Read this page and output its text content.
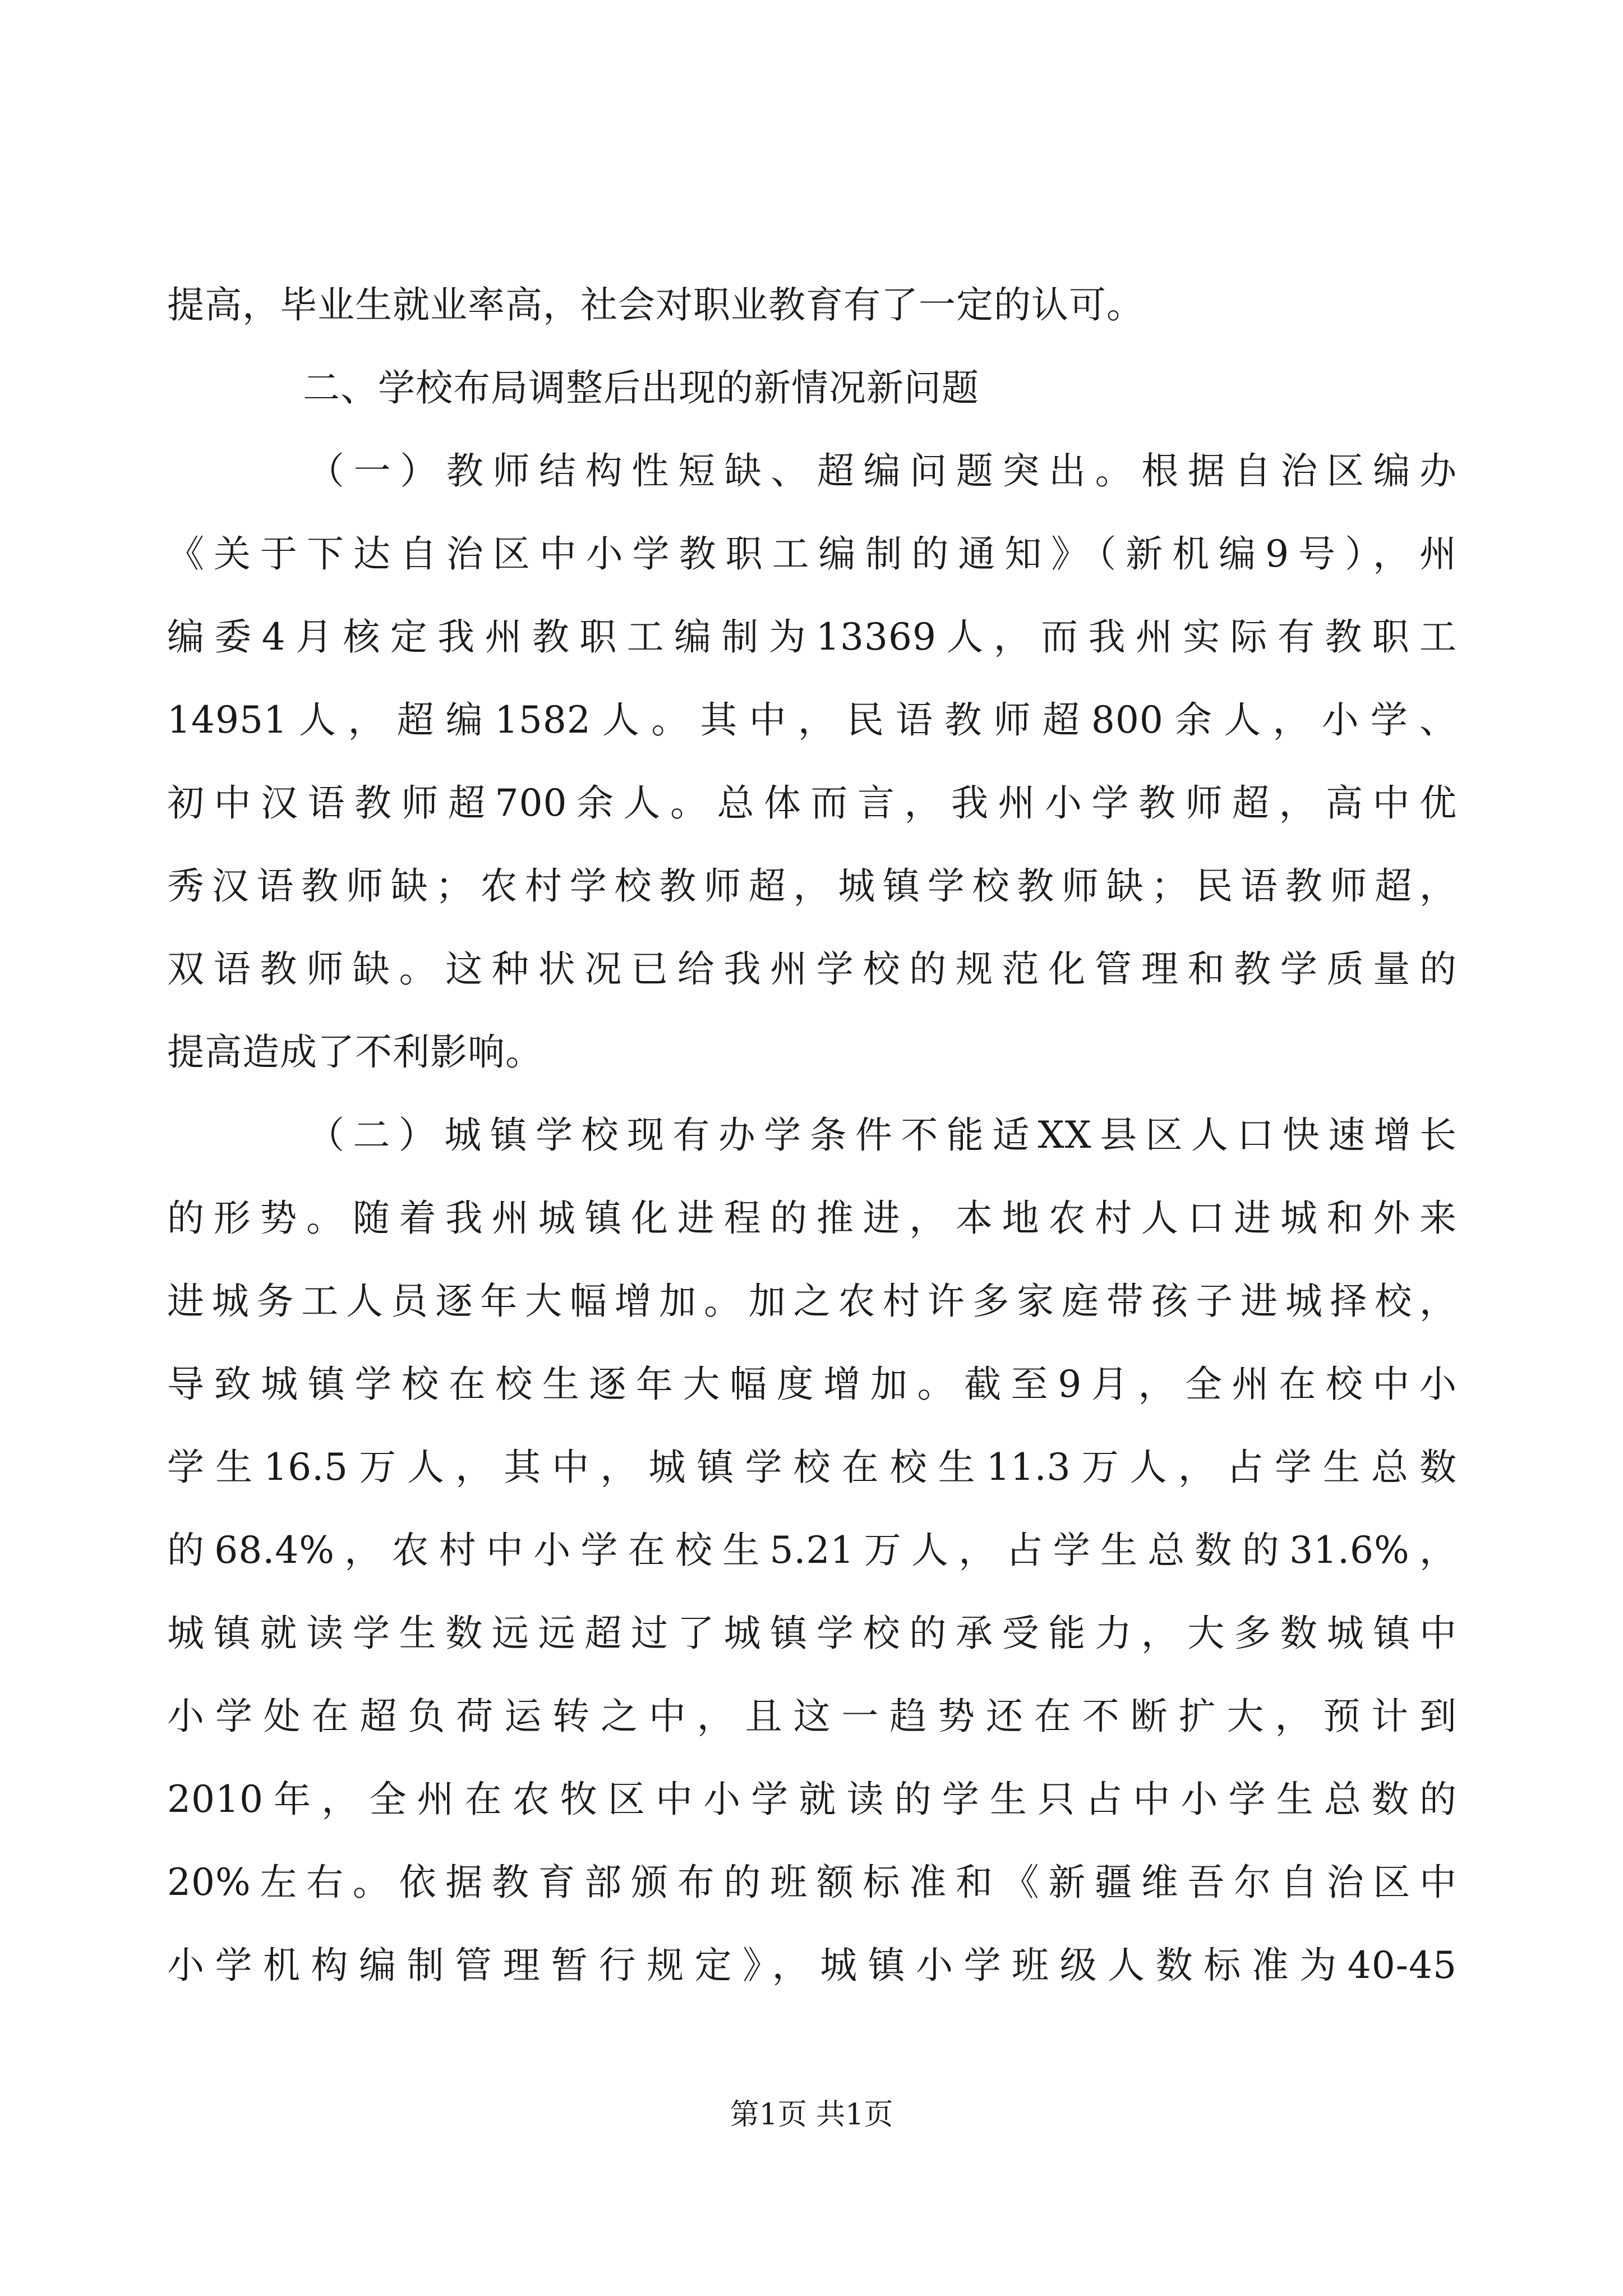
提高，毕业生就业率高，社会对职业教育有了一定的认可。
二、学校布局调整后出现的新情况新问题
（一）教师结构性短缺、超编问题突出。根据自治区编办
《关于下达自治区中小学教职工编制的通知》（新机编9号），州
编委4月核定我州教职工编制为13369人，而我州实际有教职工
14951人，超编1582人。其中，民语教师超800余人，小学、
初中汉语教师超700余人。总体而言，我州小学教师超，高中优
秀汉语教师缺；农村学校教师超，城镇学校教师缺；民语教师超，
双语教师缺。这种状况已给我州学校的规范化管理和教学质量的
提高造成了不利影响。
（二）城镇学校现有办学条件不能适XX县区人口快速增长
的形势。随着我州城镇化进程的推进，本地农村人口进城和外来
进城务工人员逐年大幅增加。加之农村许多家庭带孩子进城择校，
导致城镇学校在校生逐年大幅度增加。截至9月，全州在校中小
学生16.5万人，其中，城镇学校在校生11.3万人，占学生总数
的68.4%，农村中小学在校生5.21万人，占学生总数的31.6%，
城镇就读学生数远远超过了城镇学校的承受能力，大多数城镇中
小学处在超负荷运转之中，且这一趋势还在不断扩大，预计到
2010年，全州在农牧区中小学就读的学生只占中小学生总数的
20%左右。依据教育部颁布的班额标准和《新疆维吾尔自治区中
小学机构编制管理暂行规定》，城镇小学班级人数标准为40-45
第1页 共1页
